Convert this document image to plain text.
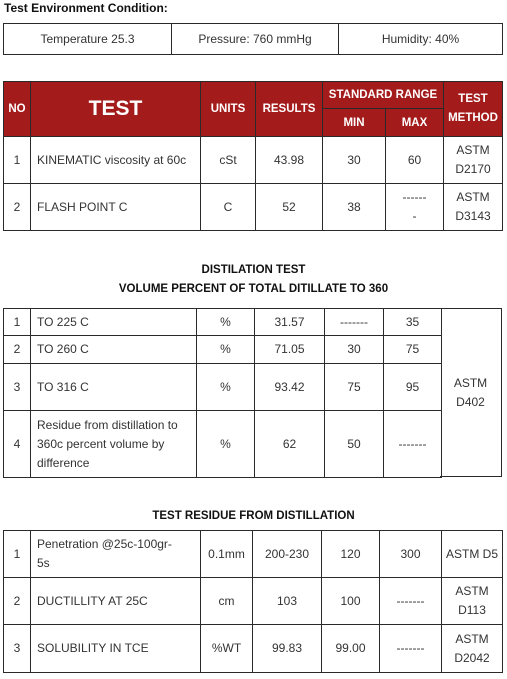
Test Environment Condition:
Temperature 25.3	Pressure: 760 mmHg	Humidity: 40%
NO	TEST	UNITS	RESULTS	STANDARD RANGE		TEST
METHOD
				MIN	MAX	
1	KINEMATIC viscosity at 60c	cSt	43.98	30	60	ASTM
D2170
2	FLASH POINT C	C	52	38	------
-	ASTM
D3143
DISTILATION TEST
VOLUME PERCENT OF TOTAL DITILLATE TO 360
1	TO 225 C	%	31.57	-------	35
2	TO 260 C	%	71.05	30	75
3	TO 316 C	%	93.42	75	95
4	Residue from distillation to
360c percent volume by
difference	%	62	50	-------
ASTM
D402
TEST RESIDUE FROM DISTILLATION
1	Penetration @25c-100gr-
5s	0.1mm	200-230	120	300	ASTM D5
2	DUCTILLITY AT 25C	cm	103	100	-------	ASTM
D113
3	SOLUBILITY IN TCE	%WT	99.83	99.00	-------	ASTM
D2042
